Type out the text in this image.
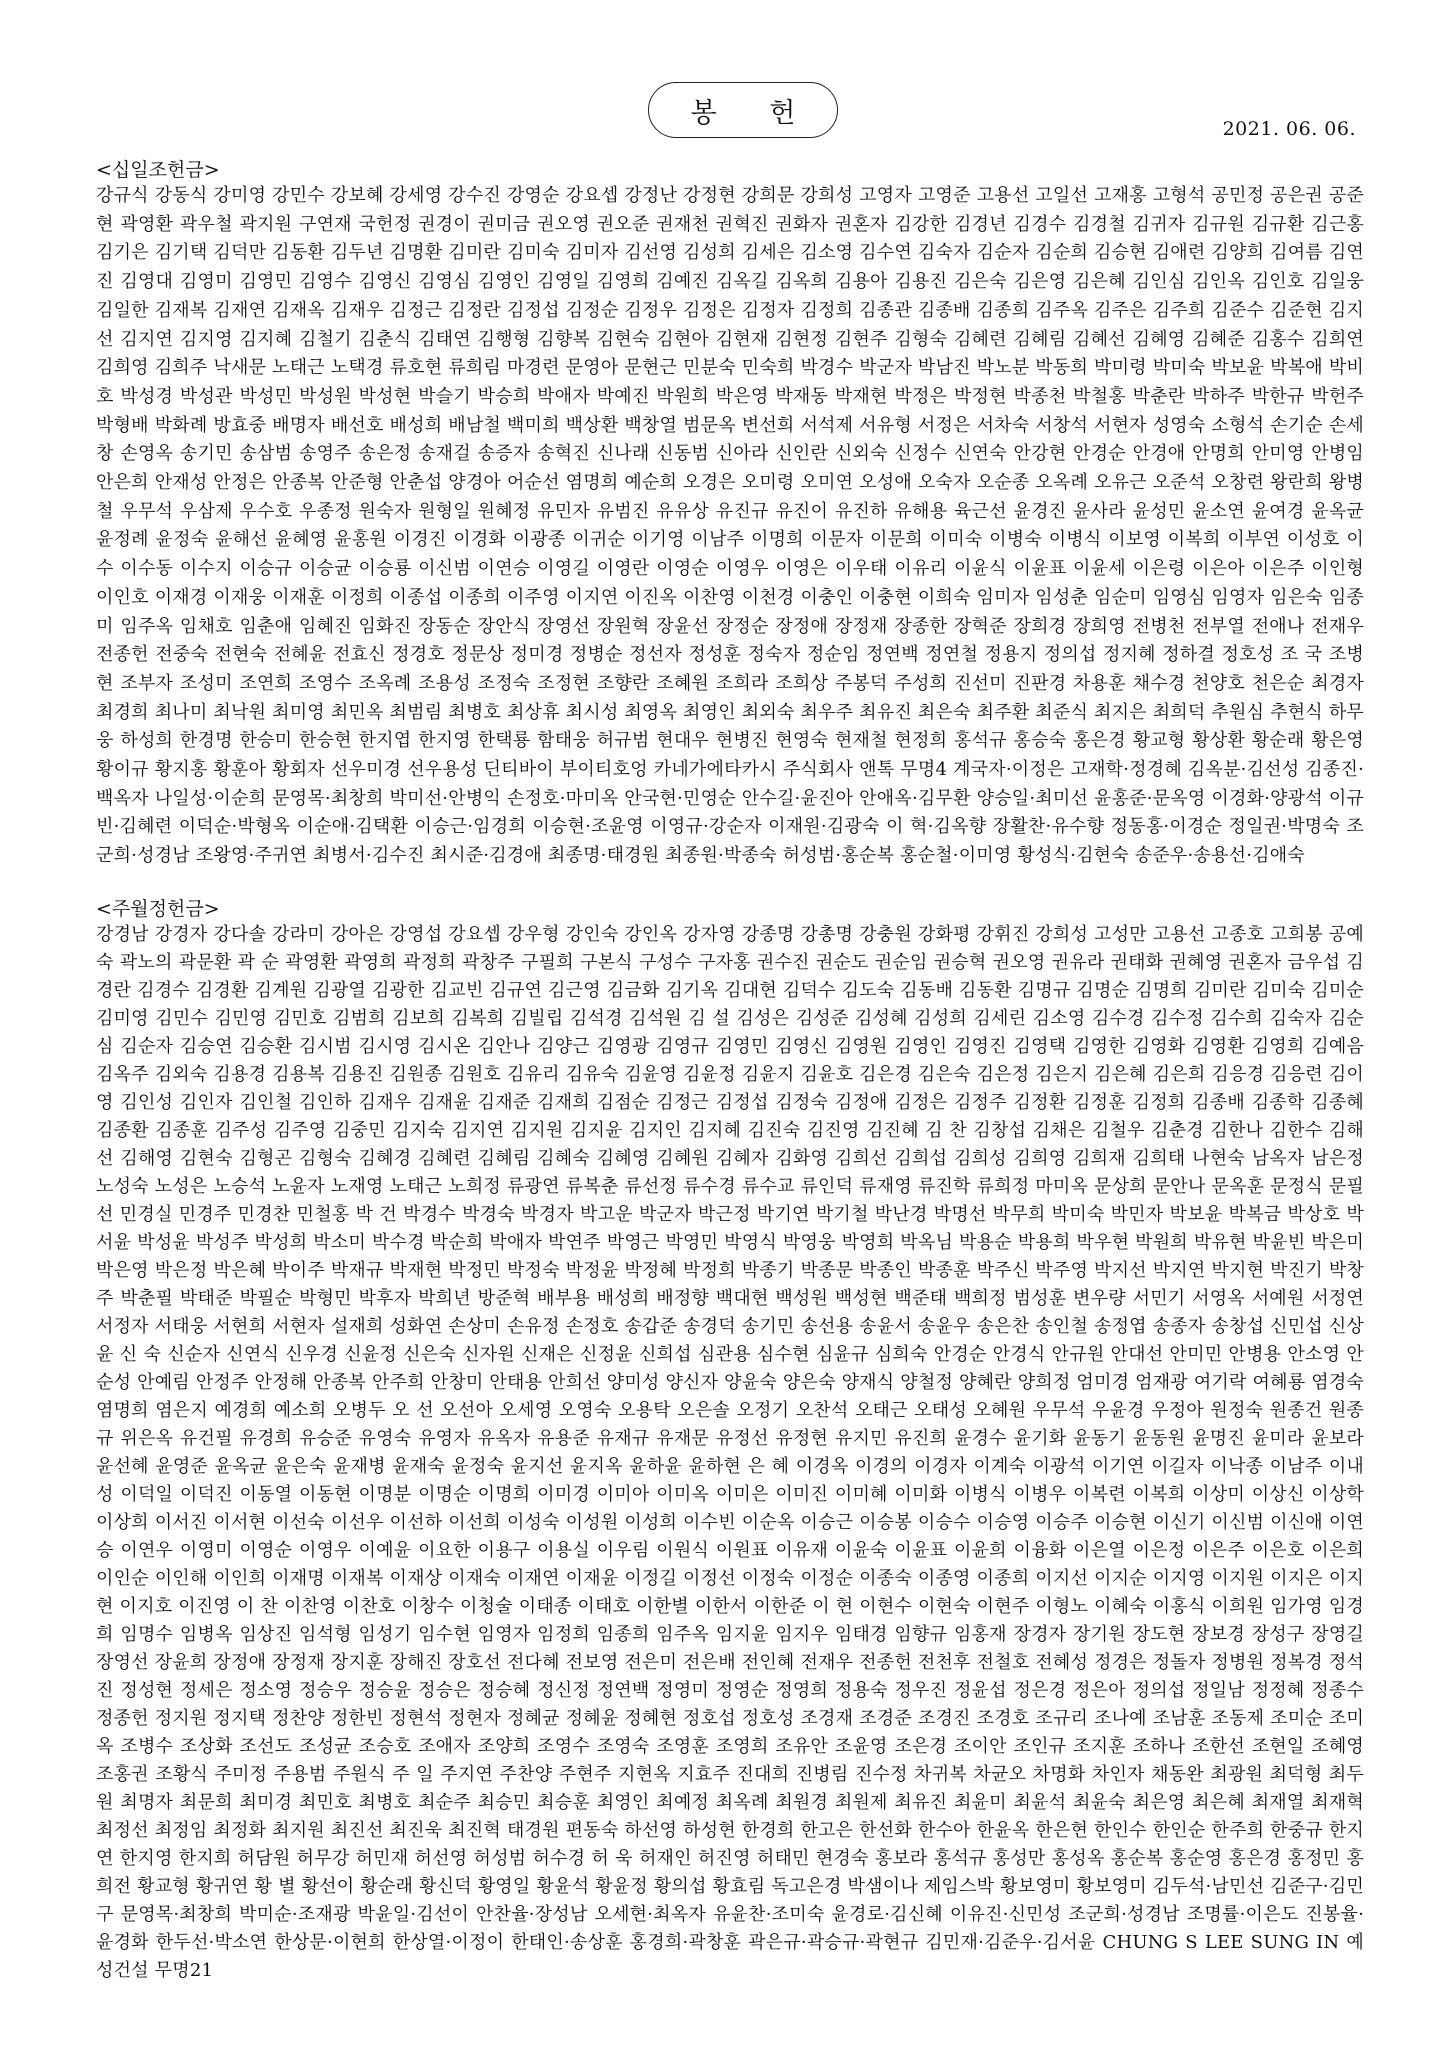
봉 헌
2021. 06. 06.
<십일조헌금>
강규식 강동식 강미영 강민수 강보혜 강세영 강수진 강영순 강요셉 강정난 강정현 강희문 강희성 고영자 고영준 고용선 고일선 고재홍 고형석 공민정 공은권 공준현 곽영환 곽우철 곽지원 구연재 국헌정 권경이 권미금 권오영 권오준 권재천 권혁진 권화자 권혼자 김강한 김경년 김경수 김경철 김귀자 김규원 김규환 김근홍 김기은 김기택 김덕만 김동환 김두년 김명환 김미란 김미숙 김미자 김선영 김성희 김세은 김소영 김수연 김숙자 김순자 김순희 김승현 김애련 김양희 김여름 김연진 김영대 김영미 김영민 김영수 김영신 김영심 김영인 김영일 김영희 김예진 김옥길 김옥희 김용아 김용진 김은숙 김은영 김은혜 김인심 김인옥 김인호 김일웅 김일한 김재복 김재연 김재옥 김재우 김정근 김정란 김정섭 김정순 김정우 김정은 김정자 김정희 김종관 김종배 김종희 김주옥 김주은 김주희 김준수 김준현 김지선 김지연 김지영 김지혜 김철기 김춘식 김태연 김행형 김향복 김현숙 김현아 김현재 김현정 김현주 김형숙 김혜련 김혜림 김혜선 김혜영 김혜준 김홍수 김희연 김희영 김희주 낙새문 노태근 노택경 류호현 류희림 마경련 문영아 문현근 민분숙 민숙희 박경수 박군자 박남진 박노분 박동희 박미령 박미숙 박보윤 박복애 박비호 박성경 박성관 박성민 박성원 박성현 박슬기 박승희 박애자 박예진 박원희 박은영 박재동 박재현 박정은 박정현 박종천 박철홍 박춘란 박하주 박한규 박헌주 박형배 박화례 방효중 배명자 배선호 배성희 배남철 백미희 백상환 백창열 범문옥 변선희 서석제 서유형 서정은 서차숙 서창석 서현자 성영숙 소형석 손기순 손세창 손영옥 송기민 송삼범 송영주 송은정 송재걸 송증자 송혁진 신나래 신동범 신아라 신인란 신외숙 신정수 신연숙 안강현 안경순 안경애 안명희 안미영 안병임 안은희 안재성 안정은 안종복 안준형 안춘섭 양경아 어순선 염명희 예순희 오경은 오미령 오미연 오성애 오숙자 오순종 오옥례 오유근 오준석 오창련 왕란희 왕병철 우무석 우삼제 우수호 우종정 원숙자 원형일 원혜정 유민자 유범진 유유상 유진규 유진이 유진하 유해용 육근선 윤경진 윤사라 윤성민 윤소연 윤여경 윤옥균 윤정례 윤정숙 윤해선 윤혜영 윤홍원 이경진 이경화 이광종 이귀순 이기영 이남주 이명희 이문자 이문희 이미숙 이병숙 이병식 이보영 이복희 이부연 이성호 이 수 이수동 이수지 이승규 이승균 이승룡 이신범 이연승 이영길 이영란 이영순 이영우 이영은 이우태 이유리 이윤식 이윤표 이윤세 이은령 이은아 이은주 이인형 이인호 이재경 이재웅 이재훈 이정희 이종섭 이종희 이주영 이지연 이진옥 이찬영 이천경 이충인 이충현 이희숙 임미자 임성춘 임순미 임영심 임영자 임은숙 임종미 임주옥 임채호 임춘애 임혜진 임화진 장동순 장안식 장영선 장원혁 장윤선 장정순 장정애 장정재 장종한 장혁준 장희경 장희영 전병천 전부열 전애나 전재우 전종헌 전중숙 전현숙 전혜윤 전효신 정경호 정문상 정미경 정병순 정선자 정성훈 정숙자 정순임 정연백 정연철 정용지 정의섭 정지혜 정하결 정호성 조 국 조병현 조부자 조성미 조연희 조영수 조옥례 조용성 조정숙 조정현 조향란 조혜원 조희라 조희상 주봉덕 주성희 진선미 진판경 차용훈 채수경 천양호 천은순 최경자 최경희 최나미 최낙원 최미영 최민옥 최범림 최병호 최상휴 최시성 최영옥 최영인 최외숙 최우주 최유진 최은숙 최주환 최준식 최지은 최희덕 추원심 추현식 하무웅 하성희 한경명 한승미 한승현 한지엽 한지영 한택룡 함태웅 허규범 현대우 현병진 현영숙 현재철 현정희 홍석규 홍승숙 홍은경 황교형 황상환 황순래 황은영 황이규 황지홍 황훈아 황회자 선우미경 선우용성 딘티바이 부이티호엉 카네가에타카시 주식회사 앤톡 무명4 계국자·이정은 고재학·정경혜 김옥분·김선성 김종진·백옥자 나일성·이순희 문영목·최창희 박미선·안병익 손정호·마미옥 안국현·민영순 안수길·윤진아 안애옥·김무환 양승일·최미선 윤홍준·문옥영 이경화·양광석 이규빈·김혜련 이덕순·박형옥 이순애·김택환 이승근·임경희 이승현·조윤영 이영규·강순자 이재원·김광숙 이 혁·김옥향 장활찬·유수향 정동홍·이경순 정일권·박명숙 조군희·성경남 조왕영·주귀연 최병서·김수진 최시준·김경애 최종명·태경원 최종원·박종숙 허성범·홍순복 홍순철·이미영 황성식·김현숙 송준우·송용선·김애숙
<주월정헌금>
강경남 강경자 강다솔 강라미 강아은 강영섭 강요셉 강우형 강인숙 강인옥 강자영 강종명 강총명 강충원 강화평 강휘진 강희성 고성만 고용선 고종호 고희봉 공예숙 곽노의 곽문환 곽 순 곽영환 곽영희 곽정희 곽창주 구필희 구본식 구성수 구자홍 권수진 권순도 권순임 권승혁 권오영 권유라 권태화 권혜영 권혼자 금우섭 김경란 김경수 김경환 김계원 김광열 김광한 김교빈 김규연 김근영 김금화 김기옥 김대현 김덕수 김도숙 김동배 김동환 김명규 김명순 김명희 김미란 김미숙 김미순 김미영 김민수 김민영 김민호 김범희 김보희 김복희 김빌립 김석경 김석원 김 설 김성은 김성준 김성혜 김성희 김세린 김소영 김수경 김수정 김수희 김숙자 김순심 김순자 김승연 김승환 김시범 김시영 김시온 김안나 김양근 김영광 김영규 김영민 김영신 김영원 김영인 김영진 김영택 김영한 김영화 김영환 김영희 김예음 김옥주 김외숙 김용경 김용복 김용진 김원종 김원호 김유리 김유숙 김윤영 김윤정 김윤지 김윤호 김은경 김은숙 김은정 김은지 김은혜 김은희 김응경 김응련 김이영 김인성 김인자 김인철 김인하 김재우 김재윤 김재준 김재희 김점순 김정근 김정섭 김정숙 김정애 김정은 김정주 김정환 김정훈 김정희 김종배 김종학 김종혜 김종환 김종훈 김주성 김주영 김중민 김지숙 김지연 김지원 김지윤 김지인 김지혜 김진숙 김진영 김진혜 김 찬 김창섭 김채은 김철우 김춘경 김한나 김한수 김해선 김해영 김현숙 김형곤 김형숙 김혜경 김혜련 김혜림 김혜숙 김혜영 김혜원 김혜자 김화영 김희선 김희섭 김희성 김희영 김희재 김희태 나현숙 남옥자 남은정 노성숙 노성은 노승석 노윤자 노재영 노태근 노희정 류광연 류복춘 류선정 류수경 류수교 류인덕 류재영 류진학 류희정 마미옥 문상희 문안나 문옥훈 문정식 문필선 민경실 민경주 민경찬 민철홍 박 건 박경수 박경숙 박경자 박고운 박군자 박근정 박기연 박기철 박난경 박명선 박무희 박미숙 박민자 박보윤 박복금 박상호 박서윤 박성윤 박성주 박성희 박소미 박수경 박순희 박애자 박연주 박영근 박영민 박영식 박영웅 박영희 박옥님 박용순 박용희 박우현 박원희 박유현 박윤빈 박은미 박은영 박은정 박은혜 박이주 박재규 박재현 박정민 박정숙 박정윤 박정혜 박정희 박종기 박종문 박종인 박종훈 박주신 박주영 박지선 박지연 박지현 박진기 박창주 박춘필 박태준 박필순 박형민 박후자 박희년 방준혁 배부용 배성희 배정향 백대현 백성원 백성현 백준태 백희정 범성훈 변우량 서민기 서영옥 서예원 서정연 서정자 서태웅 서현희 서현자 설재희 성화연 손상미 손유정 손정호 송갑준 송경덕 송기민 송선용 송윤서 송윤우 송은찬 송인철 송정엽 송종자 송창섭 신민섭 신상윤 신 숙 신순자 신연식 신우경 신윤정 신은숙 신자원 신재은 신정윤 신희섭 심관용 심수현 심윤규 심희숙 안경순 안경식 안규원 안대선 안미민 안병용 안소영 안순성 안예림 안정주 안정해 안종복 안주희 안창미 안태용 안희선 양미성 양신자 양윤숙 양은숙 양재식 양철정 양혜란 양희정 엄미경 엄재광 여기락 여혜룡 염경숙 염명희 염은지 예경희 예소희 오병두 오 선 오선아 오세영 오영숙 오용탁 오은솔 오정기 오찬석 오태근 오태성 오혜원 우무석 우윤경 우정아 원정숙 원종건 원종규 위은옥 유건필 유경희 유승준 유영숙 유영자 유옥자 유용준 유재규 유재문 유정선 유정현 유지민 유진희 윤경수 윤기화 윤동기 윤동원 윤명진 윤미라 윤보라 윤선혜 윤영준 윤옥균 윤은숙 윤재병 윤재숙 윤정숙 윤지선 윤지옥 윤하윤 윤하현 은 혜 이경옥 이경의 이경자 이계숙 이광석 이기연 이길자 이낙종 이남주 이내성 이덕일 이덕진 이동열 이동현 이명분 이명순 이명희 이미경 이미아 이미옥 이미은 이미진 이미혜 이미화 이병식 이병우 이복련 이복희 이상미 이상신 이상학 이상희 이서진 이서현 이선숙 이선우 이선하 이선희 이성숙 이성원 이성희 이수빈 이순옥 이승근 이승봉 이승수 이승영 이승주 이승현 이신기 이신범 이신애 이연승 이연우 이영미 이영순 이영우 이예윤 이요한 이용구 이용실 이우림 이원식 이원표 이유재 이윤숙 이윤표 이윤희 이융화 이은열 이은정 이은주 이은호 이은희 이인순 이인해 이인희 이재명 이재복 이재상 이재숙 이재연 이재윤 이정길 이정선 이정숙 이정순 이종숙 이종영 이종희 이지선 이지순 이지영 이지원 이지은 이지현 이지호 이진영 이 찬 이찬영 이찬호 이창수 이청술 이태종 이태호 이한별 이한서 이한준 이 현 이현수 이현숙 이현주 이형노 이혜숙 이홍식 이희원 임가영 임경희 임명수 임병옥 임상진 임석형 임성기 임수현 임영자 임정희 임종희 임주옥 임지윤 임지우 임태경 임향규 임홍재 장경자 장기원 장도현 장보경 장성구 장영길 장영선 장윤희 장정애 장정재 장지훈 장해진 장호선 전다혜 전보영 전은미 전은배 전인혜 전재우 전종헌 전천후 전철호 전혜성 정경은 정돌자 정병원 정복경 정석진 정성현 정세은 정소영 정승우 정승윤 정승은 정승혜 정신정 정연백 정영미 정영순 정영희 정용숙 정우진 정윤섭 정은경 정은아 정의섭 정일남 정정혜 정종수 정종헌 정지원 정지택 정찬양 정한빈 정현석 정현자 정혜균 정혜윤 정혜현 정호섭 정호성 조경재 조경준 조경진 조경호 조규리 조나예 조남훈 조동제 조미순 조미옥 조병수 조상화 조선도 조성균 조승호 조애자 조양희 조영수 조영숙 조영훈 조영희 조유안 조윤영 조은경 조이안 조인규 조지훈 조하나 조한선 조현일 조혜영 조홍권 조황식 주미정 주용범 주원식 주 일 주지연 주찬양 주현주 지현옥 지효주 진대희 진병림 진수정 차귀복 차균오 차명화 차인자 채동완 최광원 최덕형 최두원 최명자 최문희 최미경 최민호 최병호 최순주 최승민 최승훈 최영인 최예정 최옥례 최원경 최원제 최유진 최윤미 최윤석 최윤숙 최은영 최은혜 최재열 최재혁 최정선 최정임 최정화 최지원 최진선 최진욱 최진혁 태경원 편동숙 하선영 하성현 한경희 한고은 한선화 한수아 한윤옥 한은현 한인수 한인순 한주희 한중규 한지연 한지영 한지희 허담원 허무강 허민재 허선영 허성범 허수경 허 욱 허재인 허진영 허태민 현경숙 홍보라 홍석규 홍성만 홍성옥 홍순복 홍순영 홍은경 홍정민 홍희전 황교형 황귀연 황 별 황선이 황순래 황신덕 황영일 황윤석 황윤정 황의섭 황효림 독고은경 박샘이나 제임스박 황보영미 황보영미 김두석·남민선 김준구·김민구 문영목·최창희 박미순·조재광 박윤일·김선이 안찬율·장성남 오세현·최옥자 유윤찬·조미숙 윤경로·김신혜 이유진·신민성 조군희·성경남 조명률·이은도 진봉율·윤경화 한두선·박소연 한상문·이현희 한상열·이정이 한태인·송상훈 홍경희·곽창훈 곽은규·곽승규·곽현규 김민재·김준우·김서윤 CHUNG S LEE SUNG IN 예성건설 무명21
